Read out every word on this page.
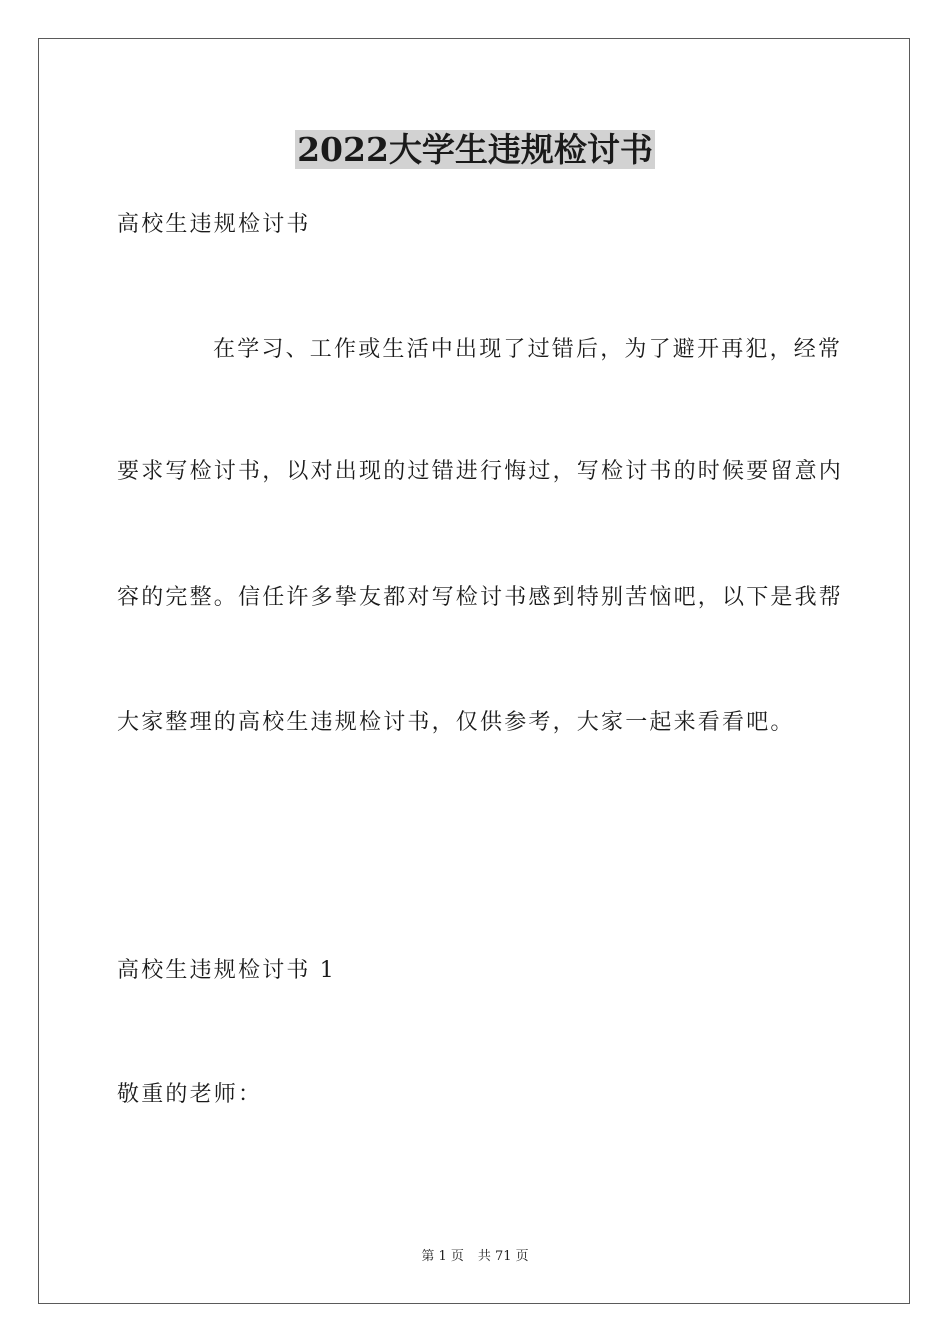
2022大学生违规检讨书

高校生违规检讨书

在学习、工作或生活中出现了过错后，为了避开再犯，经常

要求写检讨书，以对出现的过错进行悔过，写检讨书的时候要留意内

容的完整。信任许多挚友都对写检讨书感到特别苦恼吧，以下是我帮

大家整理的高校生违规检讨书，仅供参考，大家一起来看看吧。

高校生违规检讨书 1

敬重的老师：

第 1 页 共 71 页
